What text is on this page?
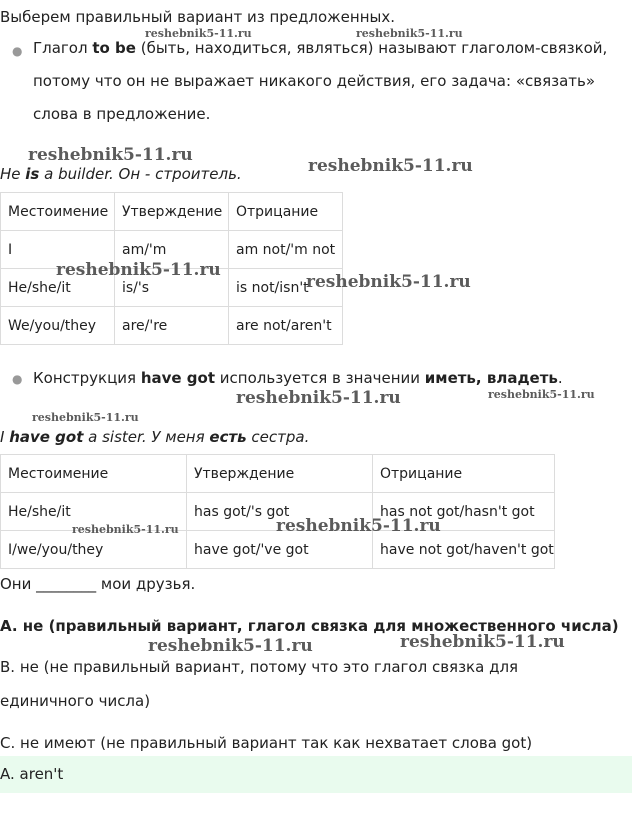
Выберем правильный вариант из предложенных.
● Глагол to be (быть, находиться, являться) называют глаголом-связкой, потому что он не выражает никакого действия, его задача: «связать» слова в предложение.
He is a builder. Он - строитель.
Местоимение	Утверждение	Отрицание
I	am/'m	am not/'m not
He/she/it	is/'s	is not/isn't
We/you/they	are/'re	are not/aren't
● Конструкция have got используется в значении иметь, владеть.
I have got a sister. У меня есть сестра.
Местоимение	Утверждение	Отрицание
He/she/it	has got/'s got	has not got/hasn't got
I/we/you/they	have got/'ve got	have not got/haven't got
Они ________ мои друзья.
A. не (правильный вариант, глагол связка для множественного числа)
B. не (не правильный вариант, потому что это глагол связка для единичного числа)
C. не имеют (не правильный вариант так как нехватает слова got)
A. aren't
reshebnik5-11.ru	reshebnik5-11.ru
reshebnik5-11.ru
reshebnik5-11.ru
reshebnik5-11.ru
reshebnik5-11.ru
reshebnik5-11.ru	reshebnik5-11.ru
reshebnik5-11.ru
reshebnik5-11.ru	reshebnik5-11.ru
reshebnik5-11.ru	reshebnik5-11.ru
